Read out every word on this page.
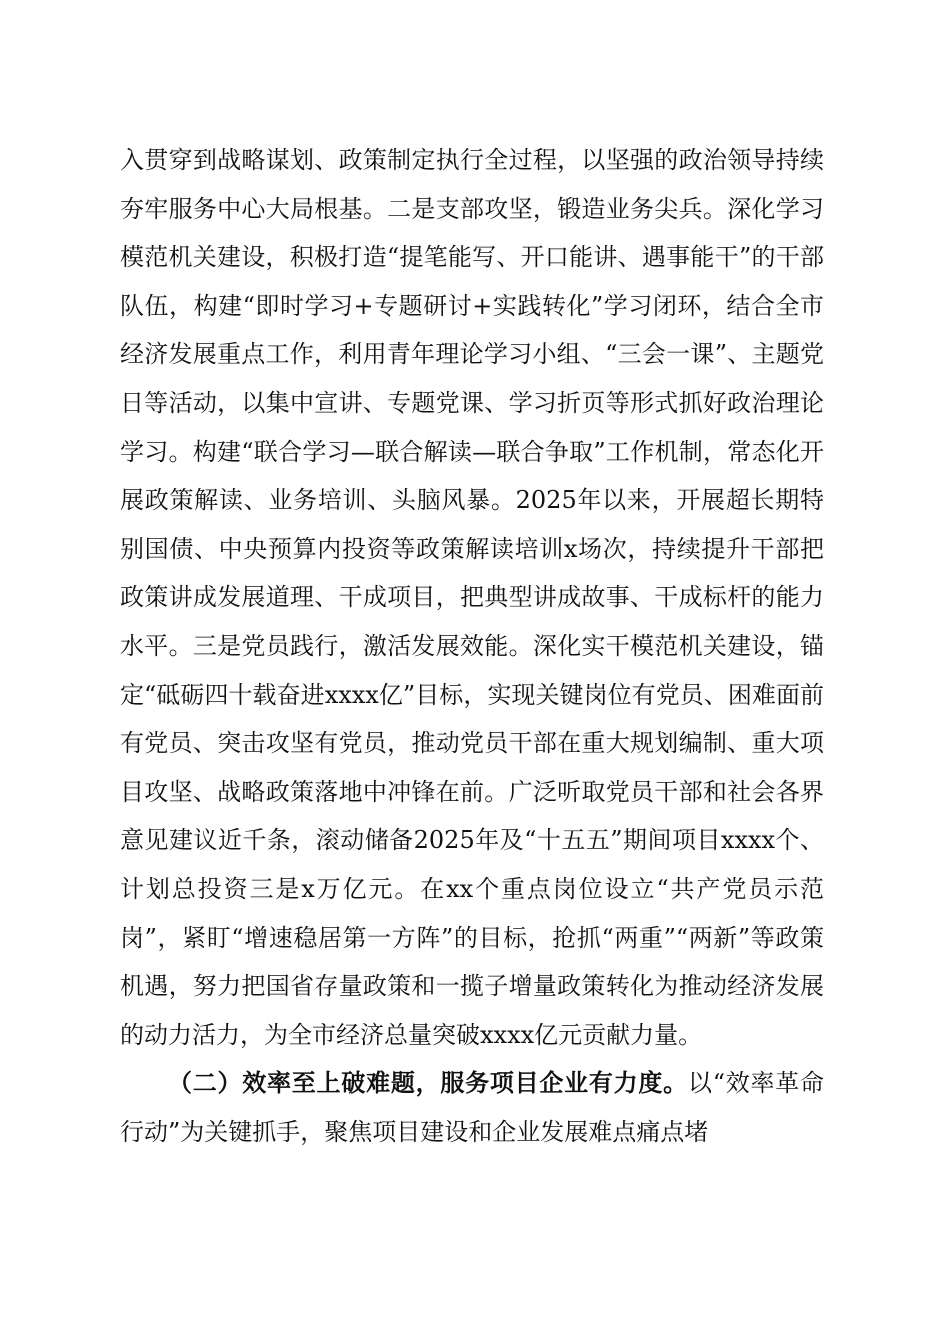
入贯穿到战略谋划、政策制定执行全过程，以坚强的政治领导持续夯牢服务中心大局根基。二是支部攻坚，锻造业务尖兵。深化学习模范机关建设，积极打造“提笔能写、开口能讲、遇事能干”的干部队伍，构建“即时学习+专题研讨+实践转化”学习闭环，结合全市经济发展重点工作，利用青年理论学习小组、“三会一课”、主题党日等活动，以集中宣讲、专题党课、学习折页等形式抓好政治理论学习。构建“联合学习—联合解读—联合争取”工作机制，常态化开展政策解读、业务培训、头脑风暴。2025年以来，开展超长期特别国债、中央预算内投资等政策解读培训x场次，持续提升干部把政策讲成发展道理、干成项目，把典型讲成故事、干成标杆的能力水平。三是党员践行，激活发展效能。深化实干模范机关建设，锚定“砥砺四十载奋进xxxx亿”目标，实现关键岗位有党员、困难面前有党员、突击攻坚有党员，推动党员干部在重大规划编制、重大项目攻坚、战略政策落地中冲锋在前。广泛听取党员干部和社会各界意见建议近千条，滚动储备2025年及“十五五”期间项目xxxx个、计划总投资三是x万亿元。在xx个重点岗位设立“共产党员示范岗”，紧盯“增速稳居第一方阵”的目标，抢抓“两重”“两新”等政策机遇，努力把国省存量政策和一揽子增量政策转化为推动经济发展的动力活力，为全市经济总量突破xxxx亿元贡献力量。

（二）效率至上破难题，服务项目企业有力度。以“效率革命行动”为关键抓手，聚焦项目建设和企业发展难点痛点堵
